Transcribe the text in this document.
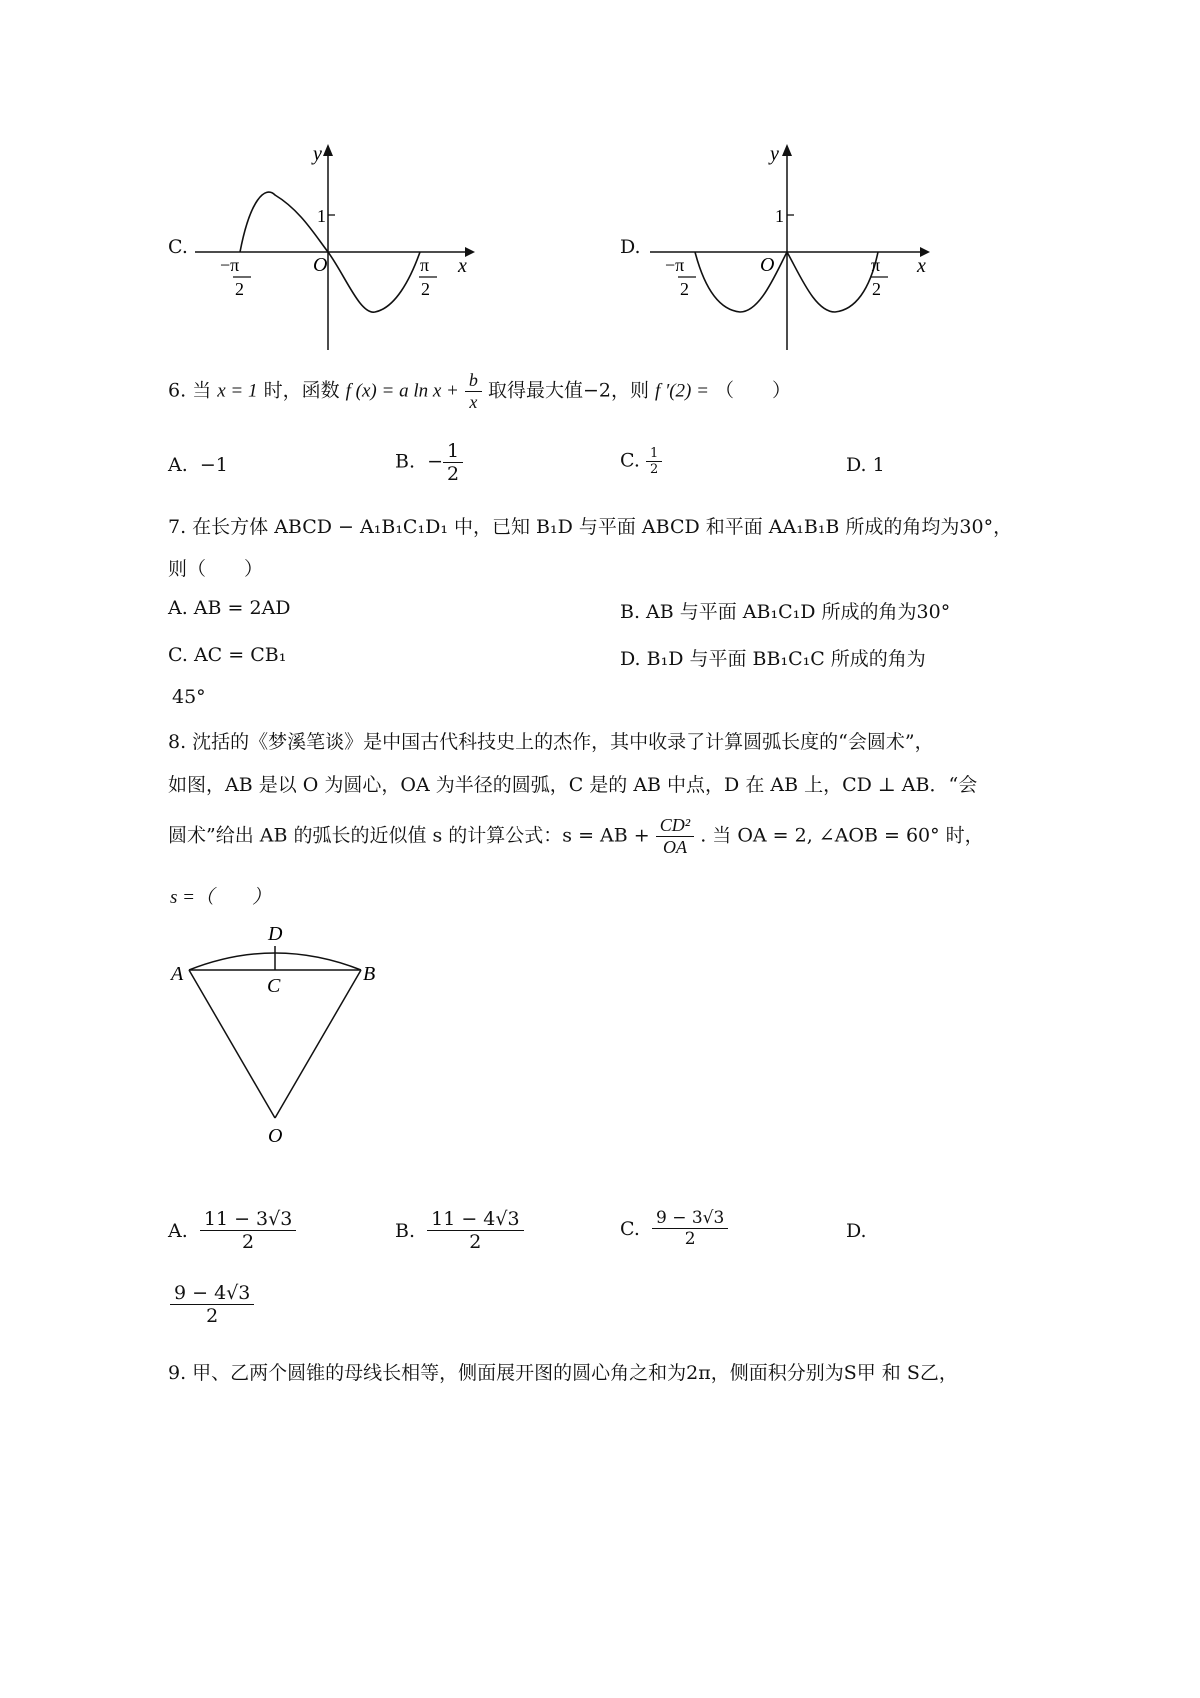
C.
y
x
O
1
−π
2
π
2
D.
y
x
O
1
−π
2
π
2
6. 当 x = 1 时，函数 f (x) = a $\ln x + \frac{b}{x}$ 取得最大值−2，则 f ′(2) = （　　）
A. −1	B. − $\frac{1}{2}$	C. $\frac{1}{2}$	D. 1
7. 在长方体 ABCD − A₁B₁C₁D₁ 中，已知 B₁D 与平面 ABCD 和平面 AA₁B₁B 所成的角均为30°，
则（　　）
A. AB = 2AD	B. AB 与平面 AB₁C₁D 所成的角为30°
C. AC = CB₁	D. B₁D 与平面 BB₁C₁C 所成的角为
45°
8. 沈括的《梦溪笔谈》是中国古代科技史上的杰作，其中收录了计算圆弧长度的“会圆术”，
如图，AB 是以 O 为圆心，OA 为半径的圆弧，C 是的 AB 中点，D 在 AB 上，CD ⊥ AB．“会
圆术”给出 AB 的弧长的近似值 s 的计算公式：s = AB + $\frac{\text{CD²}}{OA}$ . 当 OA = 2, ∠AOB = 60° 时，
s =（　　）
A	B
C
D
O
A. $\frac{11 - 3√3}{2}$	B. $\frac{11 - 4√3}{2}$	C. $\frac{9 - 3√3}{2}$	D.
$\frac{9 - 4√3}{2}$
9. 甲、乙两个圆锥的母线长相等，侧面展开图的圆心角之和为2π，侧面积分别为S甲 和 S乙，
